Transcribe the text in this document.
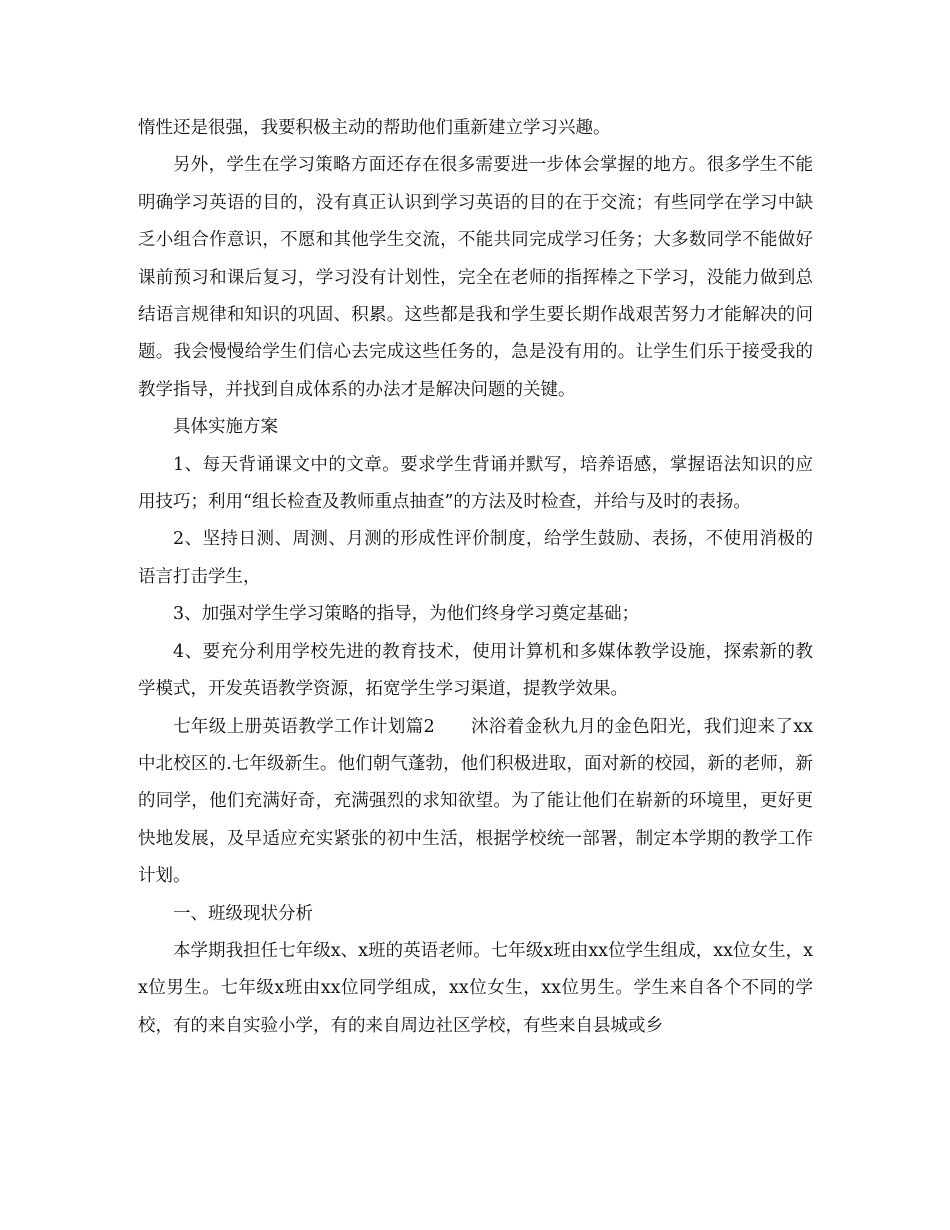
惰性还是很强，我要积极主动的帮助他们重新建立学习兴趣。

另外，学生在学习策略方面还存在很多需要进一步体会掌握的地方。很多学生不能明确学习英语的目的，没有真正认识到学习英语的目的在于交流；有些同学在学习中缺乏小组合作意识，不愿和其他学生交流，不能共同完成学习任务；大多数同学不能做好课前预习和课后复习，学习没有计划性，完全在老师的指挥棒之下学习，没能力做到总结语言规律和知识的巩固、积累。这些都是我和学生要长期作战艰苦努力才能解决的问题。我会慢慢给学生们信心去完成这些任务的，急是没有用的。让学生们乐于接受我的教学指导，并找到自成体系的办法才是解决问题的关键。

具体实施方案

1、每天背诵课文中的文章。要求学生背诵并默写，培养语感，掌握语法知识的应用技巧；利用“组长检查及教师重点抽查”的方法及时检查，并给与及时的表扬。

2、坚持日测、周测、月测的形成性评价制度，给学生鼓励、表扬，不使用消极的语言打击学生，

3、加强对学生学习策略的指导，为他们终身学习奠定基础；

4、要充分利用学校先进的教育技术，使用计算机和多媒体教学设施，探索新的教学模式，开发英语教学资源，拓宽学生学习渠道，提教学效果。

七年级上册英语教学工作计划篇2　　沐浴着金秋九月的金色阳光，我们迎来了xx中北校区的.七年级新生。他们朝气蓬勃，他们积极进取，面对新的校园，新的老师，新的同学，他们充满好奇，充满强烈的求知欲望。为了能让他们在崭新的环境里，更好更快地发展，及早适应充实紧张的初中生活，根据学校统一部署，制定本学期的教学工作计划。

一、班级现状分析

本学期我担任七年级x、x班的英语老师。七年级x班由xx位学生组成，xx位女生，xx位男生。七年级x班由xx位同学组成，xx位女生，xx位男生。学生来自各个不同的学校，有的来自实验小学，有的来自周边社区学校，有些来自县城或乡
